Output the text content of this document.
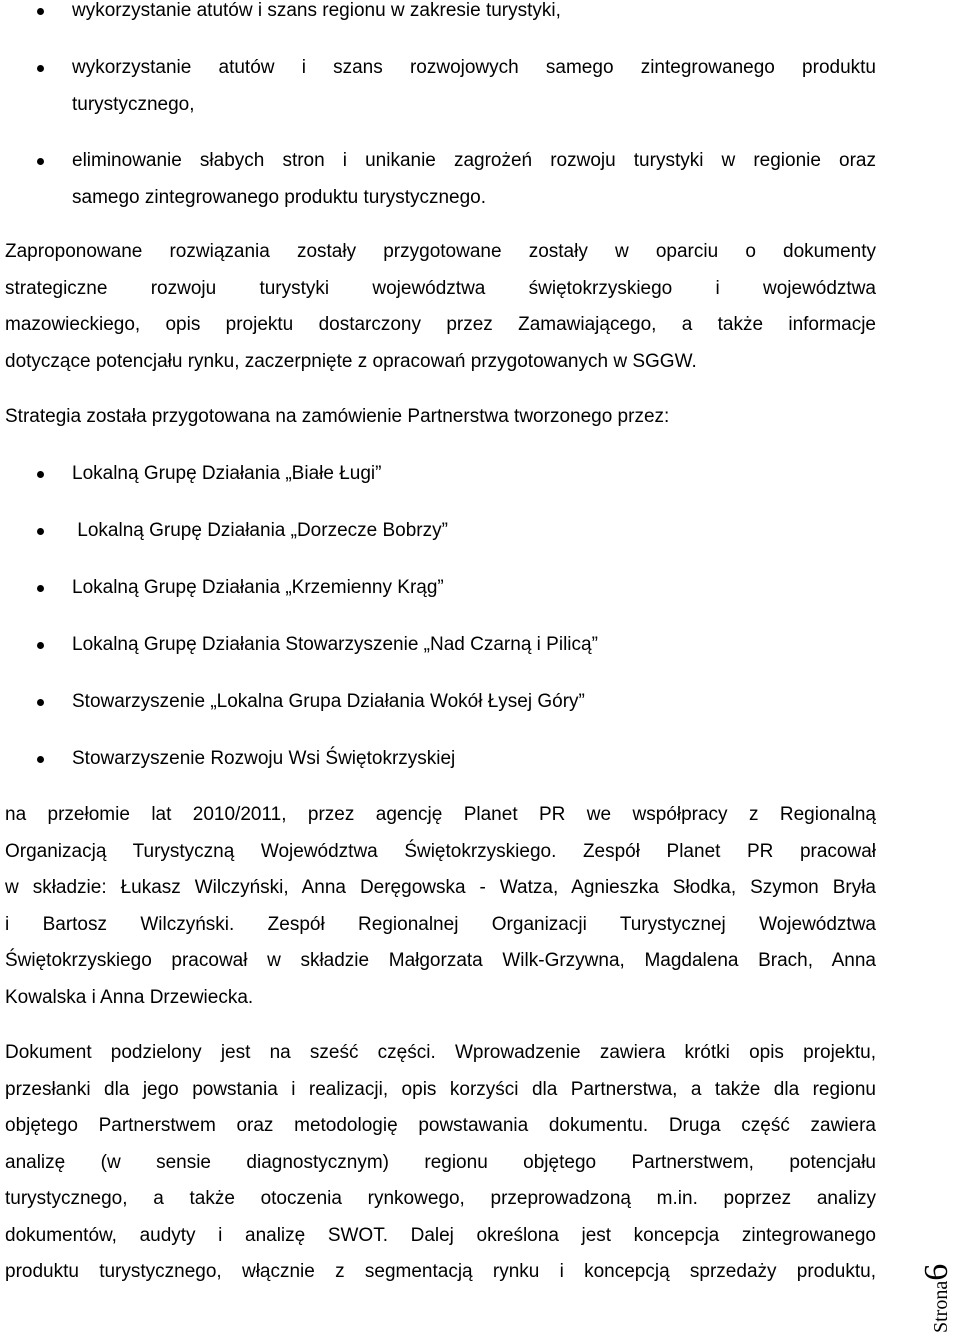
wykorzystanie atutów i szans regionu w zakresie turystyki,
wykorzystanie atutów i szans rozwojowych samego zintegrowanego produktu
turystycznego,
eliminowanie słabych stron i unikanie zagrożeń rozwoju turystyki w regionie oraz
samego zintegrowanego produktu turystycznego.
Zaproponowane rozwiązania zostały przygotowane zostały w oparciu o dokumenty
strategiczne rozwoju turystyki województwa świętokrzyskiego i województwa
mazowieckiego, opis projektu dostarczony przez Zamawiającego, a także informacje
dotyczące potencjału rynku, zaczerpnięte z opracowań przygotowanych w SGGW.
Strategia została przygotowana na zamówienie Partnerstwa tworzonego przez:
Lokalną Grupę Działania „Białe Ługi”
Lokalną Grupę Działania „Dorzecze Bobrzy”
Lokalną Grupę Działania „Krzemienny Krąg”
Lokalną Grupę Działania Stowarzyszenie „Nad Czarną i Pilicą”
Stowarzyszenie „Lokalna Grupa Działania Wokół Łysej Góry”
Stowarzyszenie Rozwoju Wsi Świętokrzyskiej
na przełomie lat 2010/2011, przez agencję Planet PR we współpracy z Regionalną
Organizacją Turystyczną Województwa Świętokrzyskiego. Zespół Planet PR pracował
w składzie: Łukasz Wilczyński, Anna Deręgowska - Watza, Agnieszka Słodka, Szymon Bryła
i Bartosz Wilczyński. Zespół Regionalnej Organizacji Turystycznej Województwa
Świętokrzyskiego pracował w składzie Małgorzata Wilk-Grzywna, Magdalena Brach, Anna
Kowalska i Anna Drzewiecka.
Dokument podzielony jest na sześć części. Wprowadzenie zawiera krótki opis projektu,
przesłanki dla jego powstania i realizacji, opis korzyści dla Partnerstwa, a także dla regionu
objętego Partnerstwem oraz metodologię powstawania dokumentu. Druga część zawiera
analizę (w sensie diagnostycznym) regionu objętego Partnerstwem, potencjału
turystycznego, a także otoczenia rynkowego, przeprowadzoną m.in. poprzez analizy
dokumentów, audyty i analizę SWOT. Dalej określona jest koncepcja zintegrowanego
produktu turystycznego, włącznie z segmentacją rynku i koncepcją sprzedaży produktu,
Strona6
